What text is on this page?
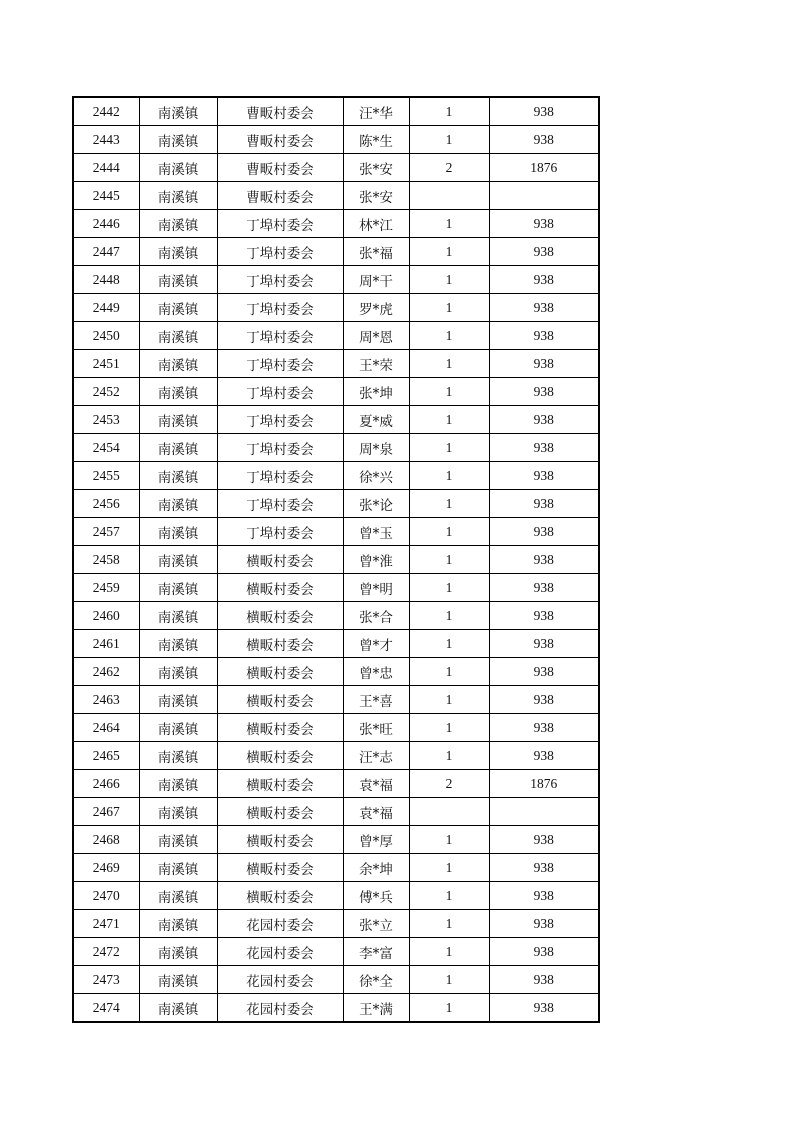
2442	南溪镇	曹畈村委会	汪*华	1	938
2443	南溪镇	曹畈村委会	陈*生	1	938
2444	南溪镇	曹畈村委会	张*安	2	1876
2445	南溪镇	曹畈村委会	张*安		
2446	南溪镇	丁埠村委会	林*江	1	938
2447	南溪镇	丁埠村委会	张*福	1	938
2448	南溪镇	丁埠村委会	周*干	1	938
2449	南溪镇	丁埠村委会	罗*虎	1	938
2450	南溪镇	丁埠村委会	周*恩	1	938
2451	南溪镇	丁埠村委会	王*荣	1	938
2452	南溪镇	丁埠村委会	张*坤	1	938
2453	南溪镇	丁埠村委会	夏*威	1	938
2454	南溪镇	丁埠村委会	周*泉	1	938
2455	南溪镇	丁埠村委会	徐*兴	1	938
2456	南溪镇	丁埠村委会	张*论	1	938
2457	南溪镇	丁埠村委会	曾*玉	1	938
2458	南溪镇	横畈村委会	曾*淮	1	938
2459	南溪镇	横畈村委会	曾*明	1	938
2460	南溪镇	横畈村委会	张*合	1	938
2461	南溪镇	横畈村委会	曾*才	1	938
2462	南溪镇	横畈村委会	曾*忠	1	938
2463	南溪镇	横畈村委会	王*喜	1	938
2464	南溪镇	横畈村委会	张*旺	1	938
2465	南溪镇	横畈村委会	汪*志	1	938
2466	南溪镇	横畈村委会	袁*福	2	1876
2467	南溪镇	横畈村委会	袁*福		
2468	南溪镇	横畈村委会	曾*厚	1	938
2469	南溪镇	横畈村委会	余*坤	1	938
2470	南溪镇	横畈村委会	傅*兵	1	938
2471	南溪镇	花园村委会	张*立	1	938
2472	南溪镇	花园村委会	李*富	1	938
2473	南溪镇	花园村委会	徐*全	1	938
2474	南溪镇	花园村委会	王*满	1	938
